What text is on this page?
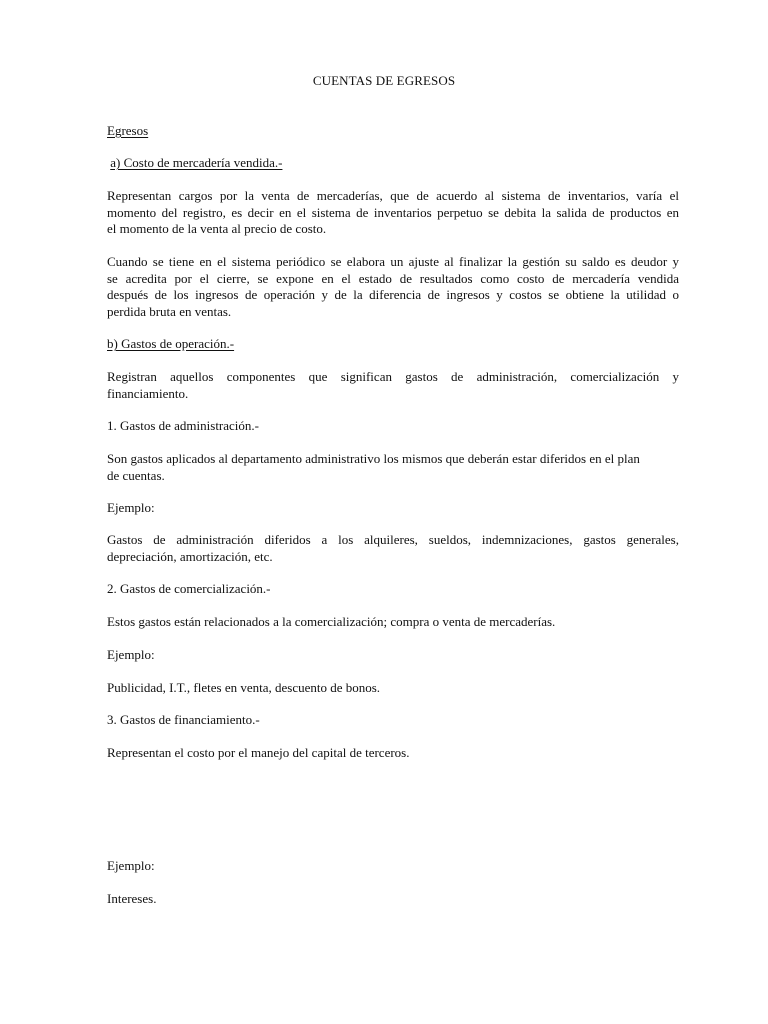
CUENTAS DE EGRESOS

Egresos

a) Costo de mercadería vendida.-

Representan cargos por la venta de mercaderías, que de acuerdo al sistema de inventarios, varía el
momento del registro, es decir en el sistema de inventarios perpetuo se debita la salida de productos en
el momento de la venta al precio de costo.
Cuando se tiene en el sistema periódico se elabora un ajuste al finalizar la gestión su saldo es deudor y
se acredita por el cierre, se expone en el estado de resultados como costo de mercadería vendida
después de los ingresos de operación y de la diferencia de ingresos y costos se obtiene la utilidad o
perdida bruta en ventas.

b) Gastos de operación.-

Registran aquellos componentes que significan gastos de administración, comercialización y
financiamiento.

1. Gastos de administración.-

Son gastos aplicados al departamento administrativo los mismos que deberán estar diferidos en el plan
de cuentas.

Ejemplo:

Gastos de administración diferidos a los alquileres, sueldos, indemnizaciones, gastos generales,
depreciación, amortización, etc.

2. Gastos de comercialización.-

Estos gastos están relacionados a la comercialización; compra o venta de mercaderías.

Ejemplo:

Publicidad, I.T., fletes en venta, descuento de bonos.

3. Gastos de financiamiento.-

Representan el costo por el manejo del capital de terceros.

Ejemplo:

Intereses.
